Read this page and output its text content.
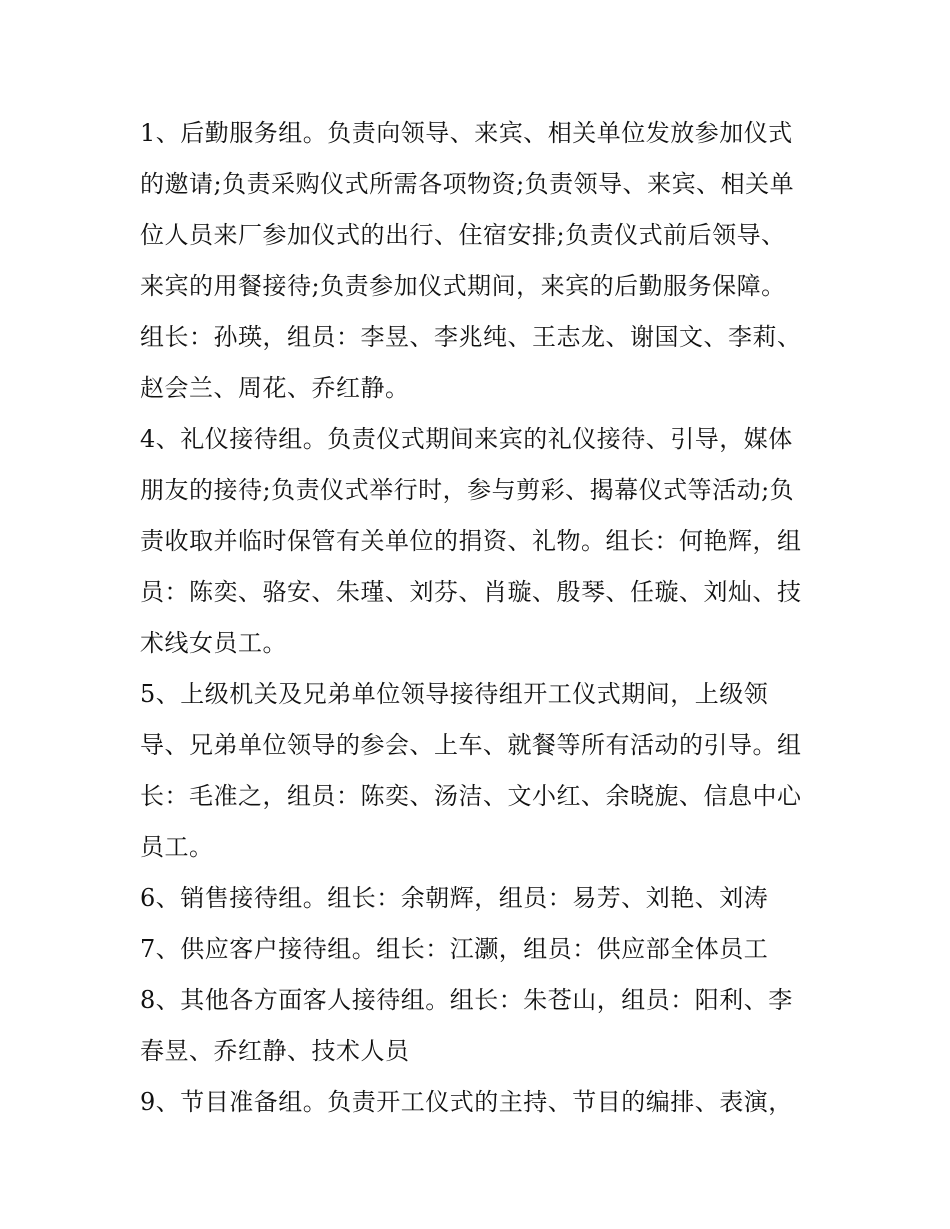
1、后勤服务组。负责向领导、来宾、相关单位发放参加仪式
的邀请;负责采购仪式所需各项物资;负责领导、来宾、相关单
位人员来厂参加仪式的出行、住宿安排;负责仪式前后领导、
来宾的用餐接待;负责参加仪式期间，来宾的后勤服务保障。
组长：孙瑛，组员：李昱、李兆纯、王志龙、谢国文、李莉、
赵会兰、周花、乔红静。
4、礼仪接待组。负责仪式期间来宾的礼仪接待、引导，媒体
朋友的接待;负责仪式举行时，参与剪彩、揭幕仪式等活动;负
责收取并临时保管有关单位的捐资、礼物。组长：何艳辉，组
员：陈奕、骆安、朱瑾、刘芬、肖璇、殷琴、任璇、刘灿、技
术线女员工。
5、上级机关及兄弟单位领导接待组开工仪式期间，上级领
导、兄弟单位领导的参会、上车、就餐等所有活动的引导。组
长：毛准之，组员：陈奕、汤洁、文小红、余晓旎、信息中心
员工。
6、销售接待组。组长：余朝辉，组员：易芳、刘艳、刘涛
7、供应客户接待组。组长：江灏，组员：供应部全体员工
8、其他各方面客人接待组。组长：朱苍山，组员：阳利、李
春昱、乔红静、技术人员
9、节目准备组。负责开工仪式的主持、节目的编排、表演，
